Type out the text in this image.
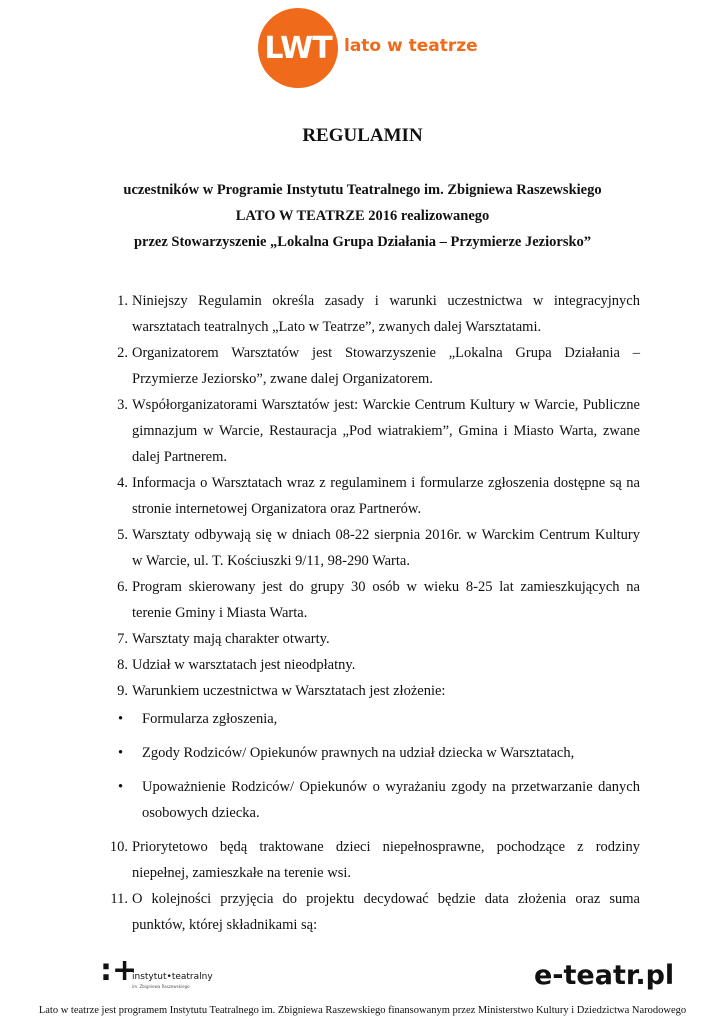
LWT lato w teatrze
REGULAMIN
uczestników w Programie Instytutu Teatralnego im. Zbigniewa Raszewskiego
LATO W TEATRZE 2016 realizowanego
przez Stowarzyszenie „Lokalna Grupa Działania – Przymierze Jeziorsko”
1. Niniejszy Regulamin określa zasady i warunki uczestnictwa w integracyjnych warsztatach teatralnych „Lato w Teatrze”, zwanych dalej Warsztatami.
2. Organizatorem Warsztatów jest Stowarzyszenie „Lokalna Grupa Działania – Przymierze Jeziorsko”, zwane dalej Organizatorem.
3. Współorganizatorami Warsztatów jest: Warckie Centrum Kultury w Warcie, Publiczne gimnazjum w Warcie, Restauracja „Pod wiatrakiem”, Gmina i Miasto Warta, zwane dalej Partnerem.
4. Informacja o Warsztatach wraz z regulaminem i formularze zgłoszenia dostępne są na stronie internetowej Organizatora oraz Partnerów.
5. Warsztaty odbywają się w dniach 08-22 sierpnia 2016r. w Warckim Centrum Kultury w Warcie, ul. T. Kościuszki 9/11, 98-290 Warta.
6. Program skierowany jest do grupy 30 osób w wieku 8-25 lat zamieszkujących na terenie Gminy i Miasta Warta.
7. Warsztaty mają charakter otwarty.
8. Udział w warsztatach jest nieodpłatny.
9. Warunkiem uczestnictwa w Warsztatach jest złożenie:
• Formularza zgłoszenia,
• Zgody Rodziców/ Opiekunów prawnych na udział dziecka w Warsztatach,
• Upoważnienie Rodziców/ Opiekunów o wyrażaniu zgody na przetwarzanie danych osobowych dziecka.
10. Priorytetowo będą traktowane dzieci niepełnosprawne, pochodzące z rodziny niepełnej, zamieszkałe na terenie wsi.
11. O kolejności przyjęcia do projektu decydować będzie data złożenia oraz suma punktów, której składnikami są:
:+
instytut•teatralny
im. Zbigniewa Raszewskiego	e-teatr.pl
Lato w teatrze jest programem Instytutu Teatralnego im. Zbigniewa Raszewskiego finansowanym przez Ministerstwo Kultury i Dziedzictwa Narodowego
